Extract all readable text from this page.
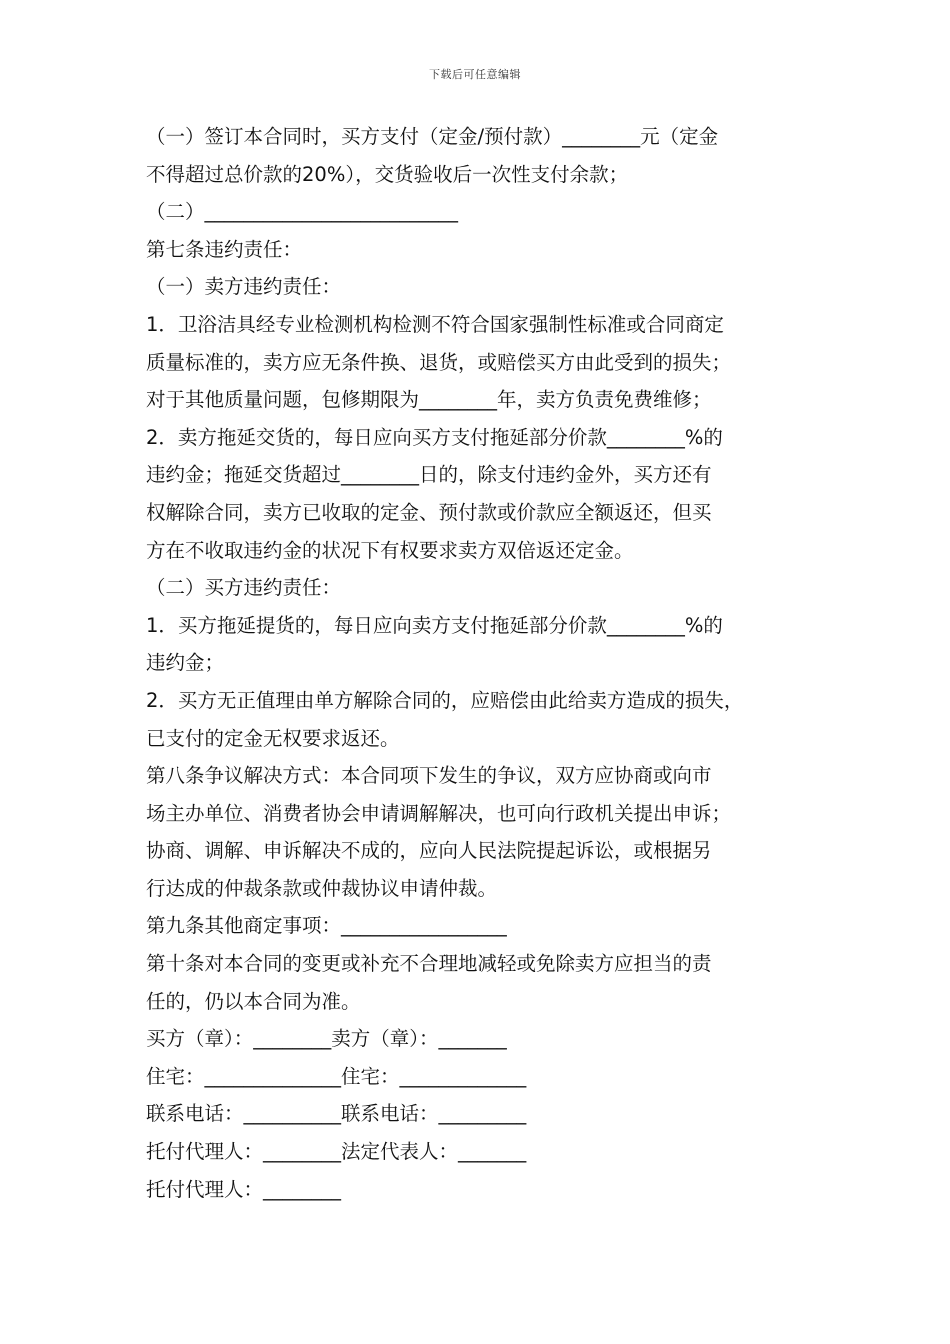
下载后可任意编辑
（一）签订本合同时，买方支付（定金/预付款）________元（定金
不得超过总价款的20%），交货验收后一次性支付余款；
（二）__________________________
第七条违约责任：
（一）卖方违约责任：
1．卫浴洁具经专业检测机构检测不符合国家强制性标准或合同商定
质量标准的，卖方应无条件换、退货，或赔偿买方由此受到的损失；
对于其他质量问题，包修期限为________年，卖方负责免费维修；
2．卖方拖延交货的，每日应向买方支付拖延部分价款________%的
违约金；拖延交货超过________日的，除支付违约金外，买方还有
权解除合同，卖方已收取的定金、预付款或价款应全额返还，但买
方在不收取违约金的状况下有权要求卖方双倍返还定金。
（二）买方违约责任：
1．买方拖延提货的，每日应向卖方支付拖延部分价款________%的
违约金；
2．买方无正值理由单方解除合同的，应赔偿由此给卖方造成的损失，
已支付的定金无权要求返还。
第八条争议解决方式：本合同项下发生的争议，双方应协商或向市
场主办单位、消费者协会申请调解解决，也可向行政机关提出申诉；
协商、调解、申诉解决不成的，应向人民法院提起诉讼，或根据另
行达成的仲裁条款或仲裁协议申请仲裁。
第九条其他商定事项：_________________
第十条对本合同的变更或补充不合理地减轻或免除卖方应担当的责
任的，仍以本合同为准。
买方（章）：________卖方（章）：_______
住宅：______________住宅：_____________
联系电话：__________联系电话：_________
托付代理人：________法定代表人：_______
托付代理人：________
